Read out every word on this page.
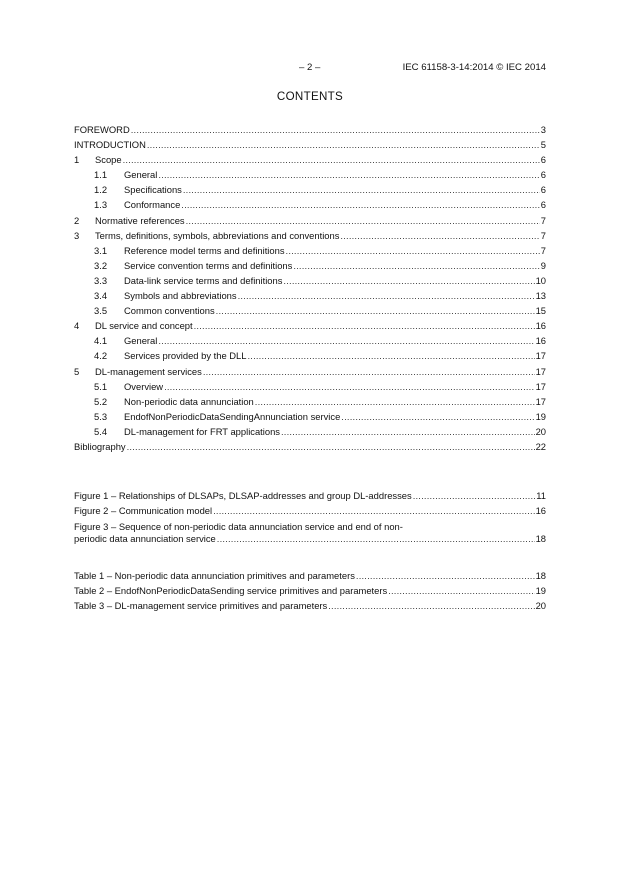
– 2 –	IEC 61158-3-14:2014 © IEC 2014
CONTENTS
FOREWORD .....	3
INTRODUCTION .....	5
1	Scope .....	6
1.1	General .....	6
1.2	Specifications .....	6
1.3	Conformance .....	6
2	Normative references .....	7
3	Terms, definitions, symbols, abbreviations and conventions .....	7
3.1	Reference model terms and definitions .....	7
3.2	Service convention terms and definitions .....	9
3.3	Data-link service terms and definitions .....	10
3.4	Symbols and abbreviations .....	13
3.5	Common conventions .....	15
4	DL service and concept .....	16
4.1	General .....	16
4.2	Services provided by the DLL .....	17
5	DL-management services .....	17
5.1	Overview .....	17
5.2	Non-periodic data annunciation .....	17
5.3	EndofNonPeriodicDataSendingAnnunciation service .....	19
5.4	DL-management for FRT applications .....	20
Bibliography .....	22
Figure 1 – Relationships of DLSAPs, DLSAP-addresses and group DL-addresses .....	11
Figure 2 – Communication model .....	16
Figure 3 – Sequence of non-periodic data annunciation service and end of non-
periodic data annunciation service .....	18
Table 1 – Non-periodic data annunciation primitives and parameters .....	18
Table 2 – EndofNonPeriodicDataSending service primitives and parameters .....	19
Table 3 – DL-management service primitives and parameters .....	20
